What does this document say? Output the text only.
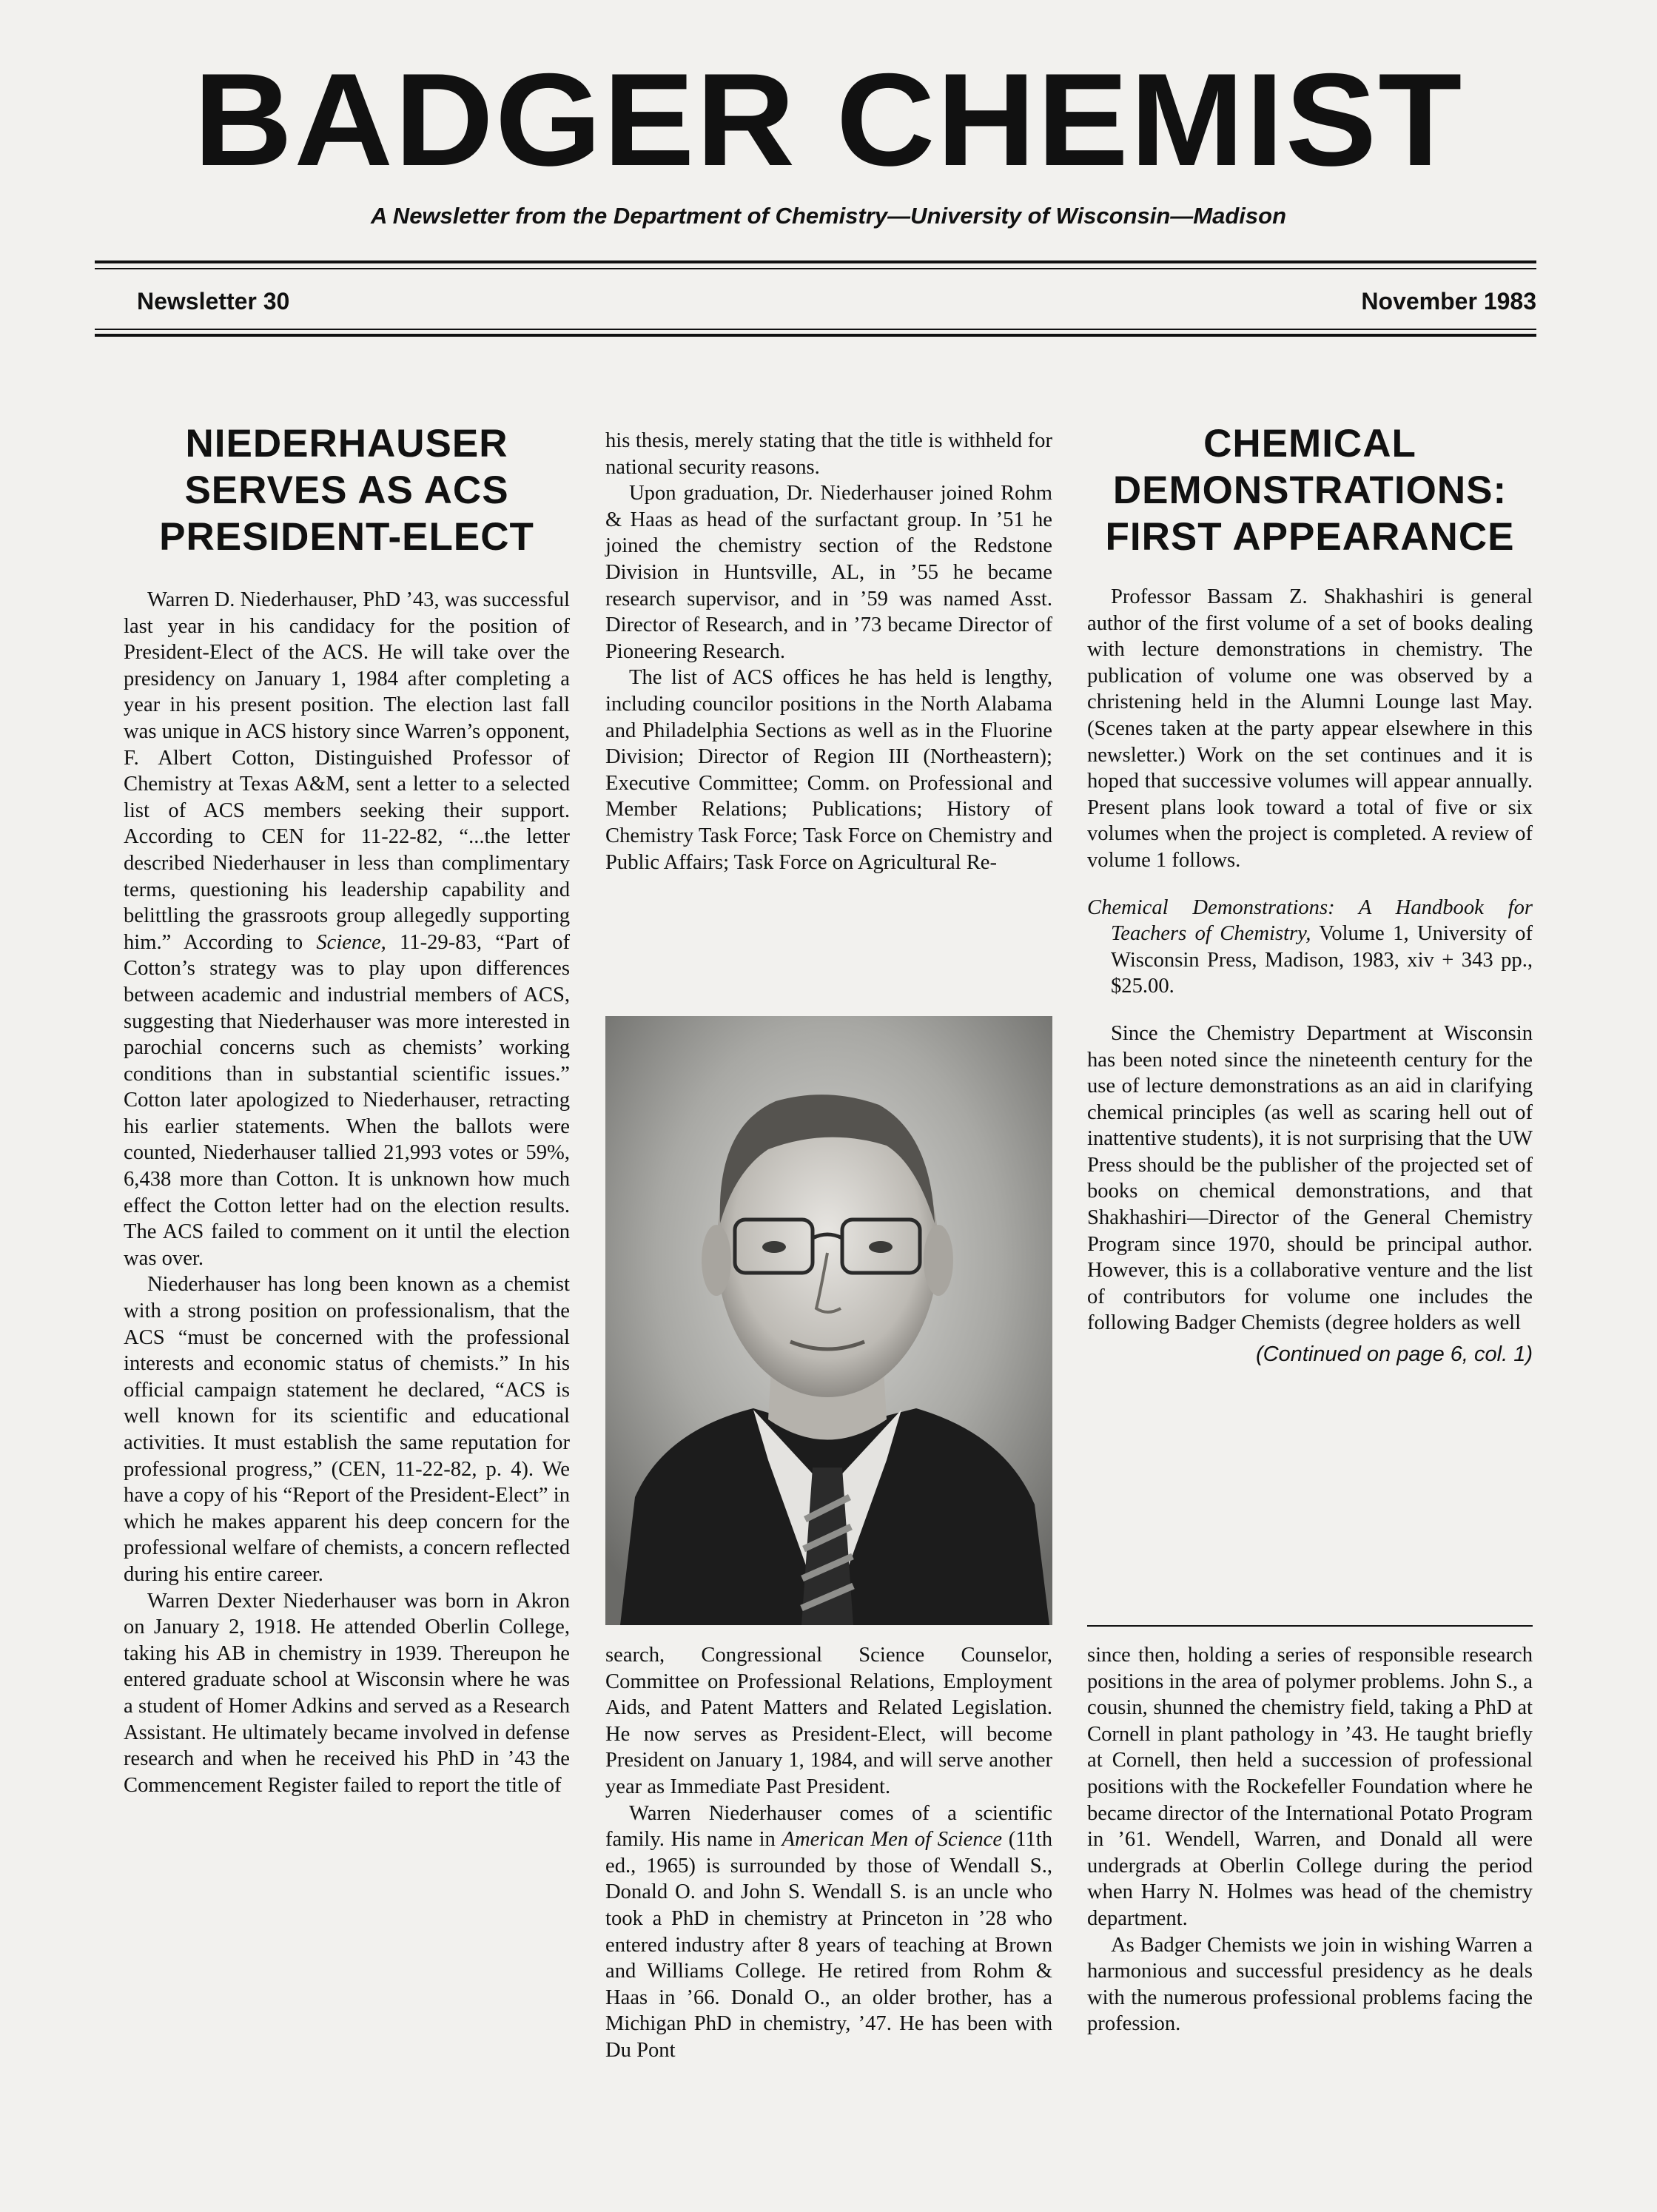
BADGER CHEMIST
A Newsletter from the Department of Chemistry—University of Wisconsin—Madison
Newsletter 30	November 1983
NIEDERHAUSER SERVES AS ACS PRESIDENT-ELECT

Warren D. Niederhauser, PhD ’43, was successful last year in his candidacy for the position of President-Elect of the ACS. He will take over the presidency on January 1, 1984 after completing a year in his present position. The election last fall was unique in ACS history since Warren’s opponent, F. Albert Cotton, Distinguished Professor of Chemistry at Texas A&M, sent a letter to a selected list of ACS members seeking their support. According to CEN for 11-22-82, “...the letter described Niederhauser in less than complimentary terms, questioning his leadership capability and belittling the grassroots group allegedly supporting him.” According to Science, 11-29-83, “Part of Cotton’s strategy was to play upon differences between academic and industrial members of ACS, suggesting that Niederhauser was more interested in parochial concerns such as chemists’ working conditions than in substantial scientific issues.” Cotton later apologized to Niederhauser, retracting his earlier statements. When the ballots were counted, Niederhauser tallied 21,993 votes or 59%, 6,438 more than Cotton. It is unknown how much effect the Cotton letter had on the election results. The ACS failed to comment on it until the election was over.

Niederhauser has long been known as a chemist with a strong position on professionalism, that the ACS “must be concerned with the professional interests and economic status of chemists.” In his official campaign statement he declared, “ACS is well known for its scientific and educational activities. It must establish the same reputation for professional progress,” (CEN, 11-22-82, p. 4). We have a copy of his “Report of the President-Elect” in which he makes apparent his deep concern for the professional welfare of chemists, a concern reflected during his entire career.

Warren Dexter Niederhauser was born in Akron on January 2, 1918. He attended Oberlin College, taking his AB in chemistry in 1939. Thereupon he entered graduate school at Wisconsin where he was a student of Homer Adkins and served as a Research Assistant. He ultimately became involved in defense research and when he received his PhD in ’43 the Commencement Register failed to report the title of

his thesis, merely stating that the title is withheld for national security reasons.

Upon graduation, Dr. Niederhauser joined Rohm & Haas as head of the surfactant group. In ’51 he joined the chemistry section of the Redstone Division in Huntsville, AL, in ’55 he became research supervisor, and in ’59 was named Asst. Director of Research, and in ’73 became Director of Pioneering Research.

The list of ACS offices he has held is lengthy, including councilor positions in the North Alabama and Philadelphia Sections as well as in the Fluorine Division; Director of Region III (Northeastern); Executive Committee; Comm. on Professional and Member Relations; Publications; History of Chemistry Task Force; Task Force on Chemistry and Public Affairs; Task Force on Agricultural Re-

search, Congressional Science Counselor, Committee on Professional Relations, Employment Aids, and Patent Matters and Related Legislation. He now serves as President-Elect, will become President on January 1, 1984, and will serve another year as Immediate Past President.

Warren Niederhauser comes of a scientific family. His name in American Men of Science (11th ed., 1965) is surrounded by those of Wendall S., Donald O. and John S. Wendall S. is an uncle who took a PhD in chemistry at Princeton in ’28 who entered industry after 8 years of teaching at Brown and Williams College. He retired from Rohm & Haas in ’66. Donald O., an older brother, has a Michigan PhD in chemistry, ’47. He has been with Du Pont

CHEMICAL DEMONSTRATIONS: FIRST APPEARANCE

Professor Bassam Z. Shakhashiri is general author of the first volume of a set of books dealing with lecture demonstrations in chemistry. The publication of volume one was observed by a christening held in the Alumni Lounge last May. (Scenes taken at the party appear elsewhere in this newsletter.) Work on the set continues and it is hoped that successive volumes will appear annually. Present plans look toward a total of five or six volumes when the project is completed. A review of volume 1 follows.

Chemical Demonstrations: A Handbook for Teachers of Chemistry, Volume 1, University of Wisconsin Press, Madison, 1983, xiv + 343 pp., $25.00.

Since the Chemistry Department at Wisconsin has been noted since the nineteenth century for the use of lecture demonstrations as an aid in clarifying chemical principles (as well as scaring hell out of inattentive students), it is not surprising that the UW Press should be the publisher of the projected set of books on chemical demonstrations, and that Shakhashiri—Director of the General Chemistry Program since 1970, should be principal author. However, this is a collaborative venture and the list of contributors for volume one includes the following Badger Chemists (degree holders as well

(Continued on page 6, col. 1)

since then, holding a series of responsible research positions in the area of polymer problems. John S., a cousin, shunned the chemistry field, taking a PhD at Cornell in plant pathology in ’43. He taught briefly at Cornell, then held a succession of professional positions with the Rockefeller Foundation where he became director of the International Potato Program in ’61. Wendell, Warren, and Donald all were undergrads at Oberlin College during the period when Harry N. Holmes was head of the chemistry department.

As Badger Chemists we join in wishing Warren a harmonious and successful presidency as he deals with the numerous professional problems facing the profession.
